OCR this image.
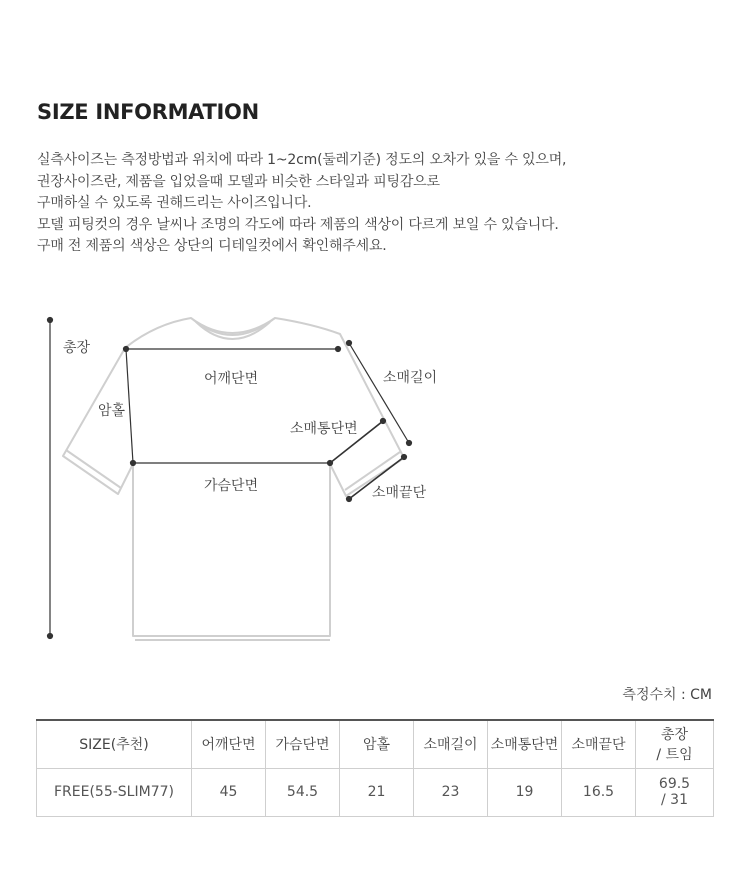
SIZE INFORMATION
실측사이즈는 측정방법과 위치에 따라 1~2cm(둘레기준) 정도의 오차가 있을 수 있으며,
권장사이즈란, 제품을 입었을때 모델과 비슷한 스타일과 피팅감으로
구매하실 수 있도록 권해드리는 사이즈입니다.
모델 피팅컷의 경우 날씨나 조명의 각도에 따라 제품의 색상이 다르게 보일 수 있습니다.
구매 전 제품의 색상은 상단의 디테일컷에서 확인해주세요.
총장
어깨단면
암홀
소매길이
소매통단면
가슴단면	소매끝단
측정수치 : CM
SIZE(추천)	어깨단면	가슴단면	암홀	소매길이	소매통단면	소매끝단	총장
/ 트임

FREE(55-SLIM77)	45	54.5	21	23	19	16.5	69.5
/ 31
